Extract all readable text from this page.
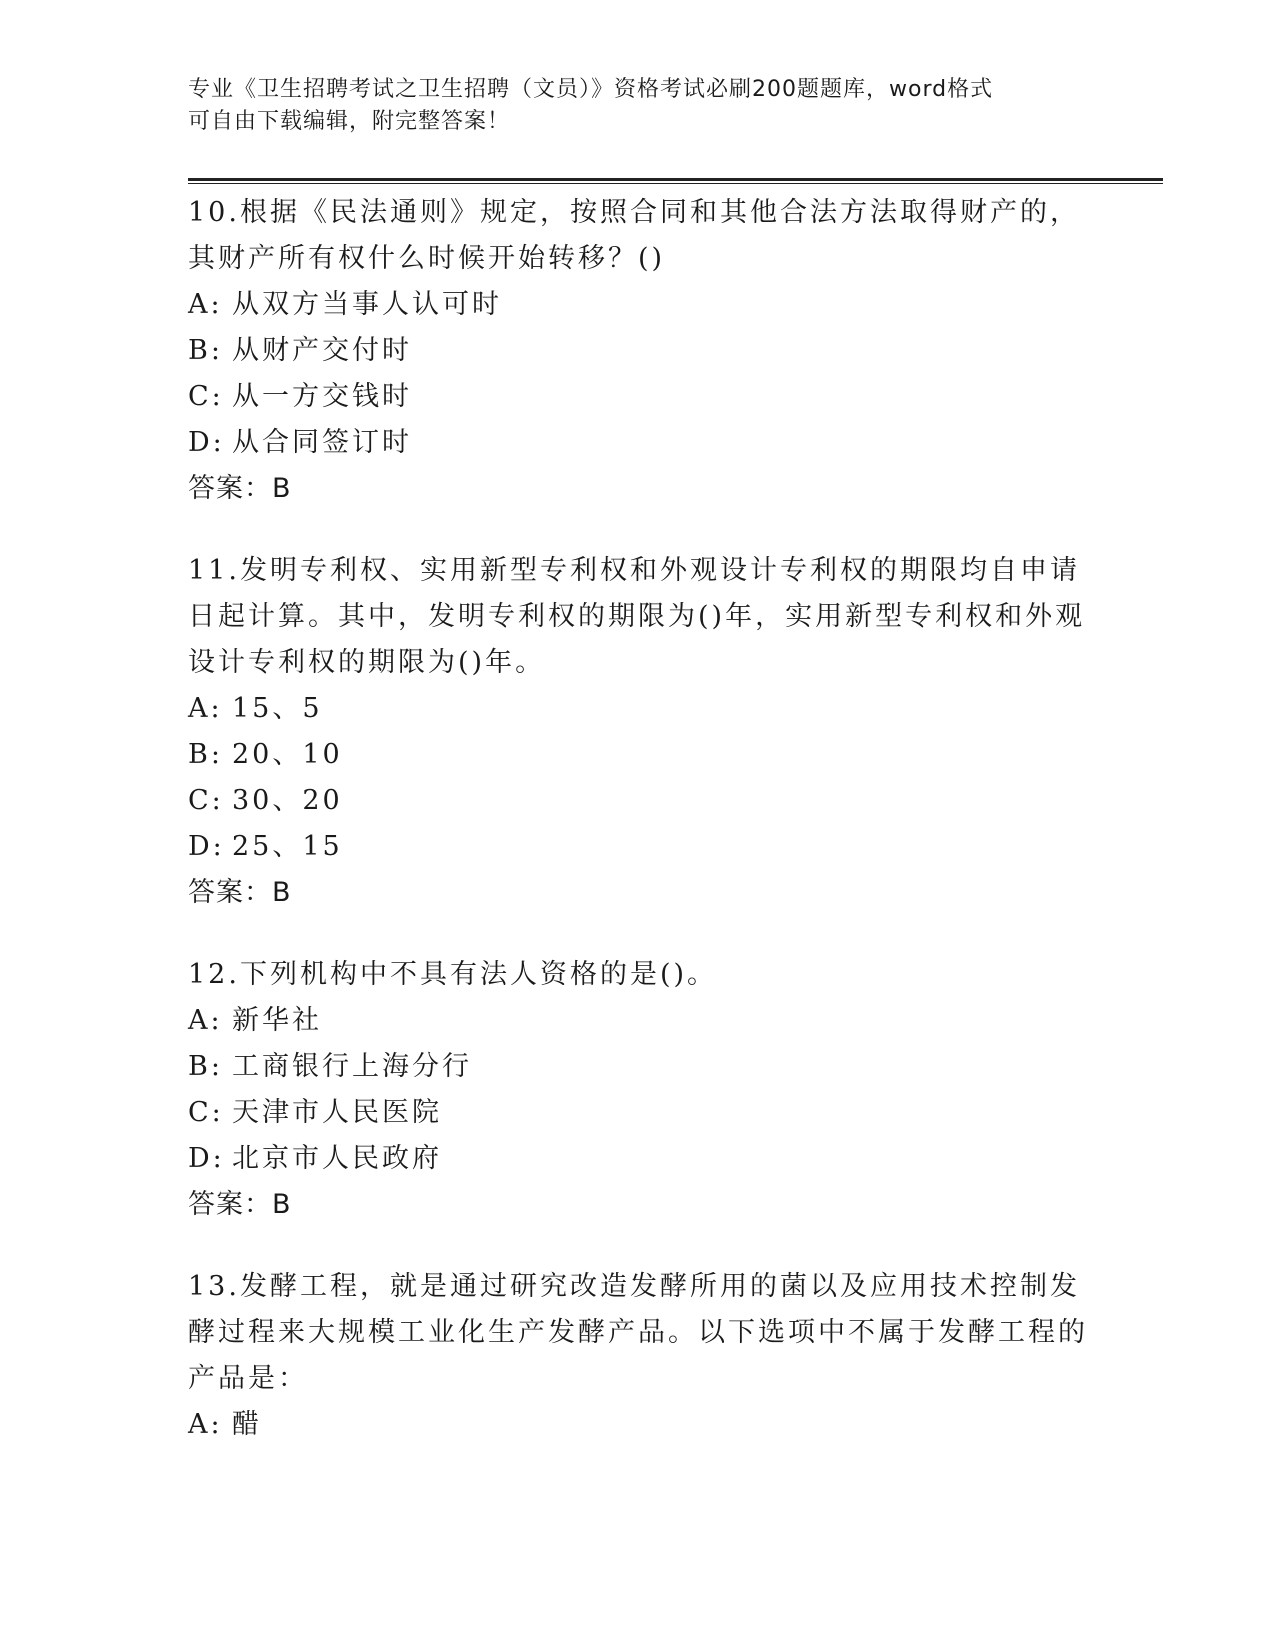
专业《卫生招聘考试之卫生招聘（文员）》资格考试必刷200题题库，word格式
可自由下载编辑，附完整答案！

10.根据《民法通则》规定，按照合同和其他合法方法取得财产的，其财产所有权什么时候开始转移？()

A: 从双方当事人认可时

B: 从财产交付时

C: 从一方交钱时

D: 从合同签订时

答案：B

11.发明专利权、实用新型专利权和外观设计专利权的期限均自申请日起计算。其中，发明专利权的期限为()年，实用新型专利权和外观设计专利权的期限为()年。

A: 15、5

B: 20、10

C: 30、20

D: 25、15

答案：B

12.下列机构中不具有法人资格的是()。

A: 新华社

B: 工商银行上海分行

C: 天津市人民医院

D: 北京市人民政府

答案：B

13.发酵工程，就是通过研究改造发酵所用的菌以及应用技术控制发酵过程来大规模工业化生产发酵产品。以下选项中不属于发酵工程的产品是：

A: 醋
